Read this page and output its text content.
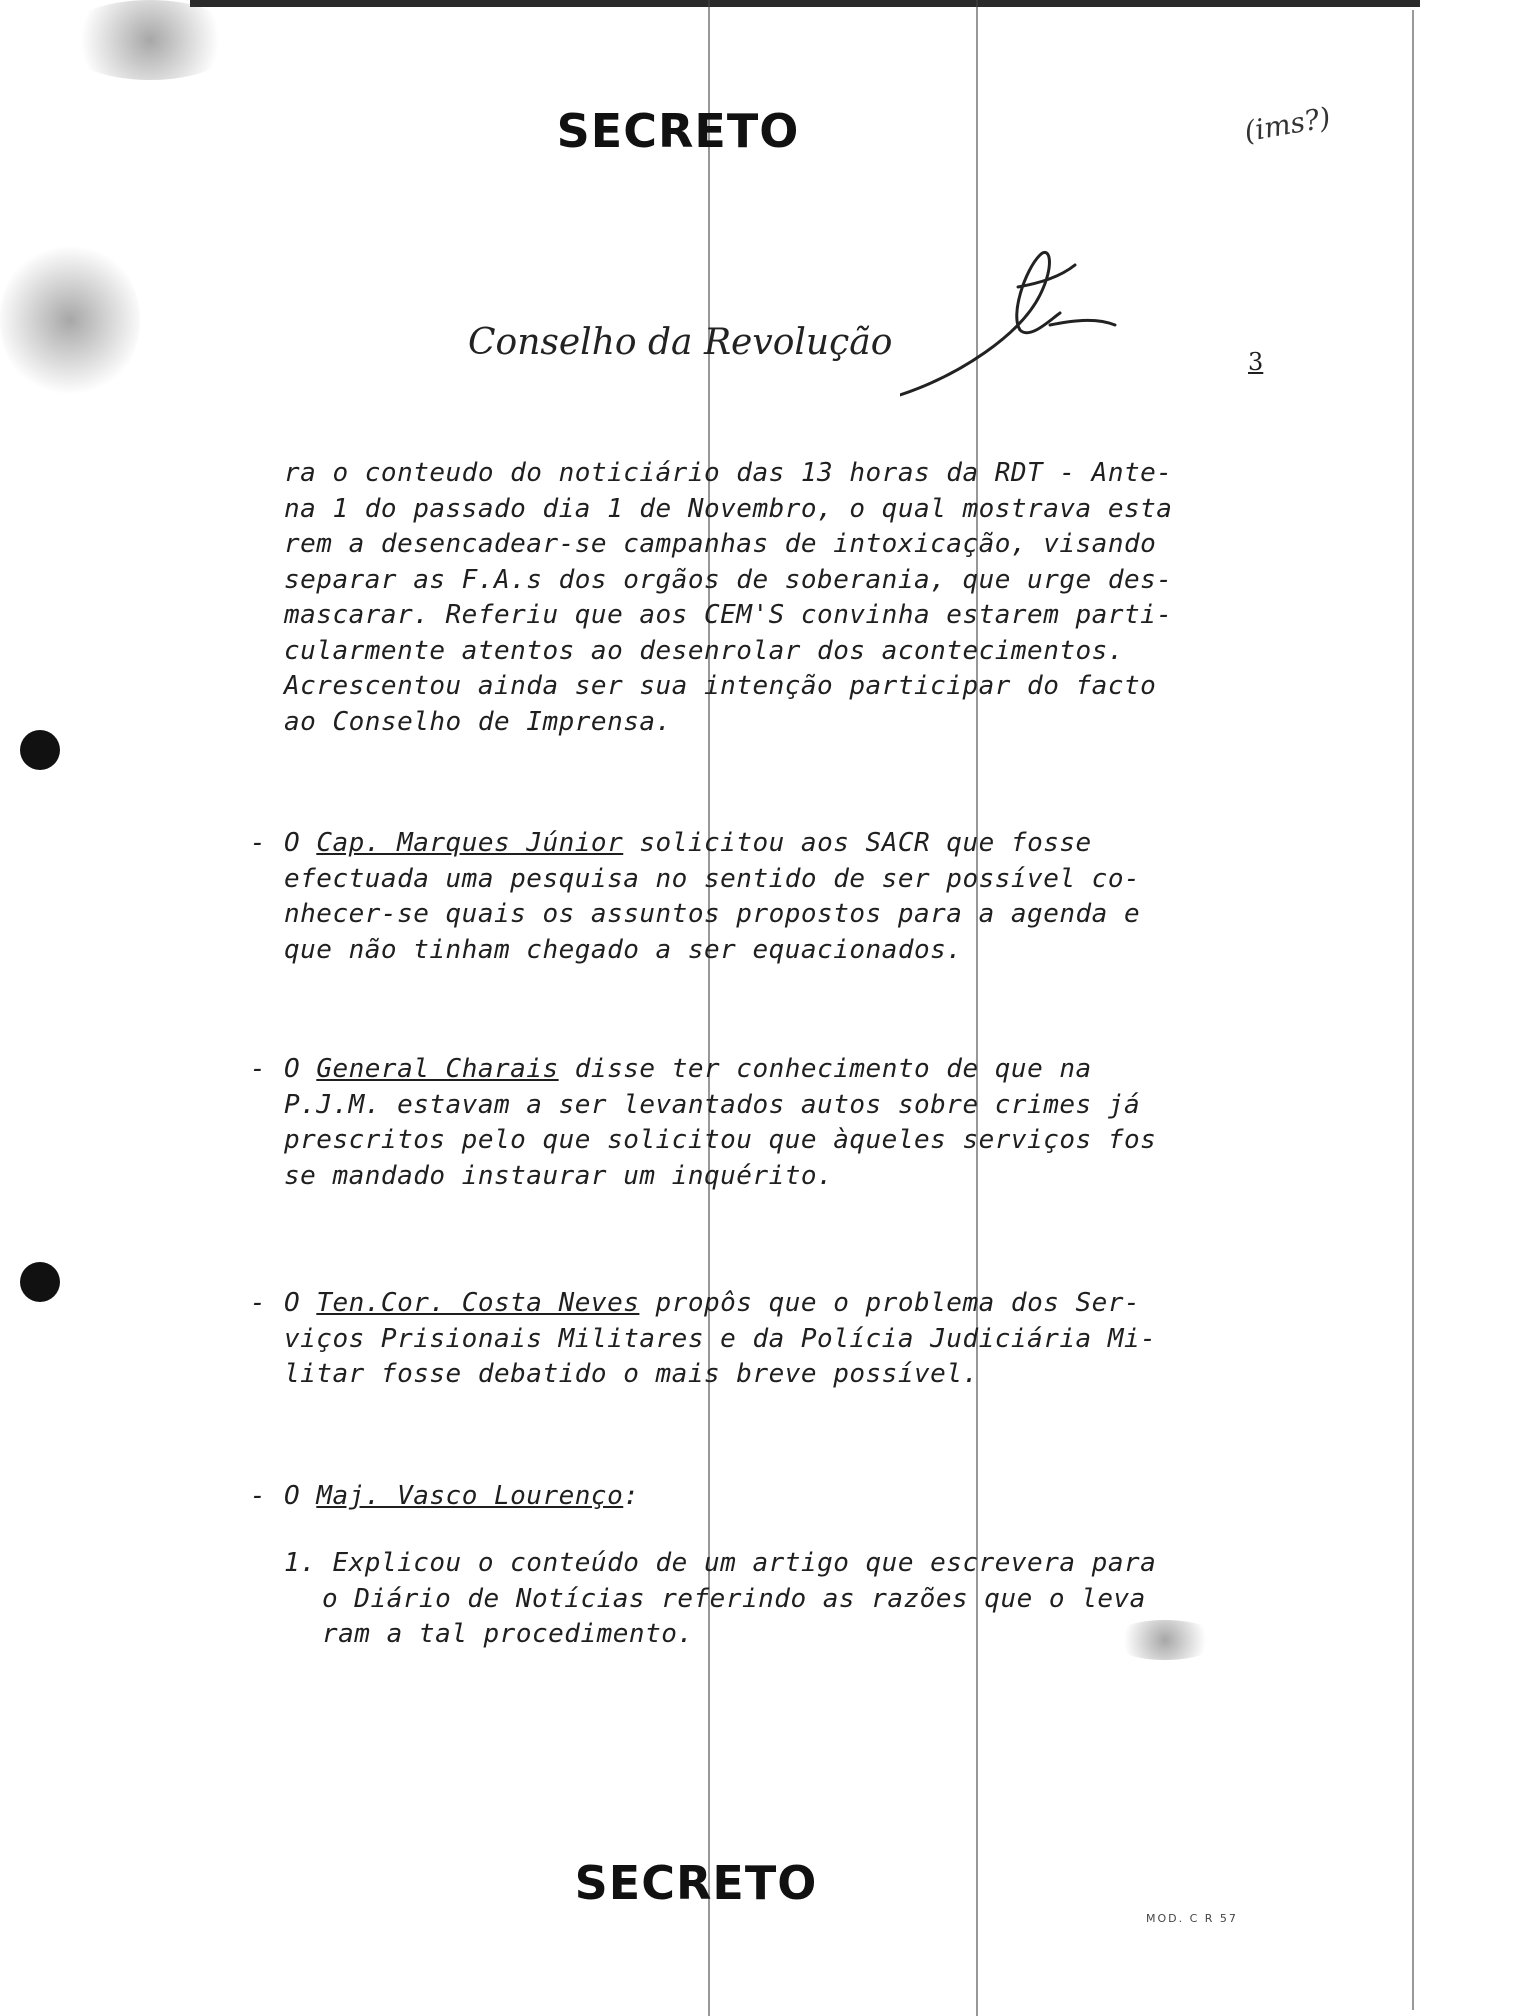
SECRETO	(ims?)
Conselho da Revolução	3
ra o conteudo do noticiário das 13 horas da RDT - Ante-
na 1 do passado dia 1 de Novembro, o qual mostrava esta
rem a desencadear-se campanhas de intoxicação, visando
separar as F.A.s dos orgãos de soberania, que urge des-
mascarar. Referiu que aos CEM'S convinha estarem parti-
cularmente atentos ao desenrolar dos acontecimentos.
Acrescentou ainda ser sua intenção participar do facto
ao Conselho de Imprensa.
-O Cap. Marques Júnior solicitou aos SACR que fosse
efectuada uma pesquisa no sentido de ser possível co-
nhecer-se quais os assuntos propostos para a agenda e
que não tinham chegado a ser equacionados.
-O General Charais disse ter conhecimento de que na
P.J.M. estavam a ser levantados autos sobre crimes já
prescritos pelo que solicitou que àqueles serviços fos
se mandado instaurar um inquérito.
-O Ten.Cor. Costa Neves propôs que o problema dos Ser-
viços Prisionais Militares e da Polícia Judiciária Mi-
litar fosse debatido o mais breve possível.
-O Maj. Vasco Lourenço:
1. Explicou o conteúdo de um artigo que escrevera para
o Diário de Notícias referindo as razões que o leva
ram a tal procedimento.
SECRETO
MOD. C R 57
